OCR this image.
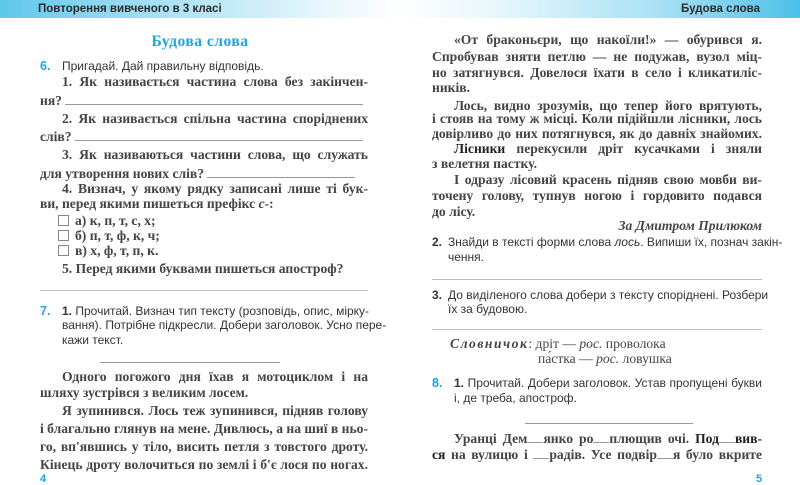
Повторення вивченого в 3 класі	Будова слова
Будова слова
6. Пригадай. Дай правильну відповідь.
1. Як називається частина слова без закінчен-
ня?
2. Як називається спільна частина споріднених
слів?
3. Як називаються частини слова, що служать
для утворення нових слів?
4. Визнач, у якому рядку записані лише ті бук-
ви, перед якими пишеться префікс с-:
а) к, п, т, с, х;
б) п, т, ф, к, ч;
в) х, ф, т, п, к.
5. Перед якими буквами пишеться апостроф?
7. 1. Прочитай. Визнач тип тексту (розповідь, опис, мірку-
вання). Потрібне підкресли. Добери заголовок. Усно пере-
кажи текст.
Одного погожого дня їхав я мотоциклом і на
шляху зустрівся з великим лосем.
Я зупинився. Лось теж зупинився, підняв голову
і благально глянув на мене. Дивлюсь, а на шиї в ньо-
го, вп'явшись у тіло, висить петля з товстого дроту.
Кінець дроту волочиться по землі і б'є лося по ногах.
4
«От браконьєри, що накоїли!» — обурився я.
Спробував зняти петлю — не подужав, вузол міц-
но затягнувся. Довелося їхати в село і кликатиліс-
ників.
Лось, видно зрозумів, що тепер його врятують,
і стояв на тому ж місці. Коли підійшли лісники, лось
довірливо до них потягнувся, як до давніх знайомих.
Лісники перекусили дріт кусачками і зняли
з велетня пастку.
І одразу лісовий красень підняв свою мовби ви-
точену голову, тупнув ногою і гордовито подався
до лісу.
За Дмитром Прилюком
2. Знайди в тексті форми слова лось. Випиши їх, познач закін-
чення.
3. До виділеного слова добери з тексту споріднені. Розбери
їх за будовою.
Словничок: дріт — рос. проволока
па́стка — рос. ловушка
8. 1. Прочитай. Добери заголовок. Устав пропущені букви
і, де треба, апостроф.
Уранці Дем янко ро плющив очі. Под вив-
ся на вулицю і радів. Усе подвір я було вкрите
5
